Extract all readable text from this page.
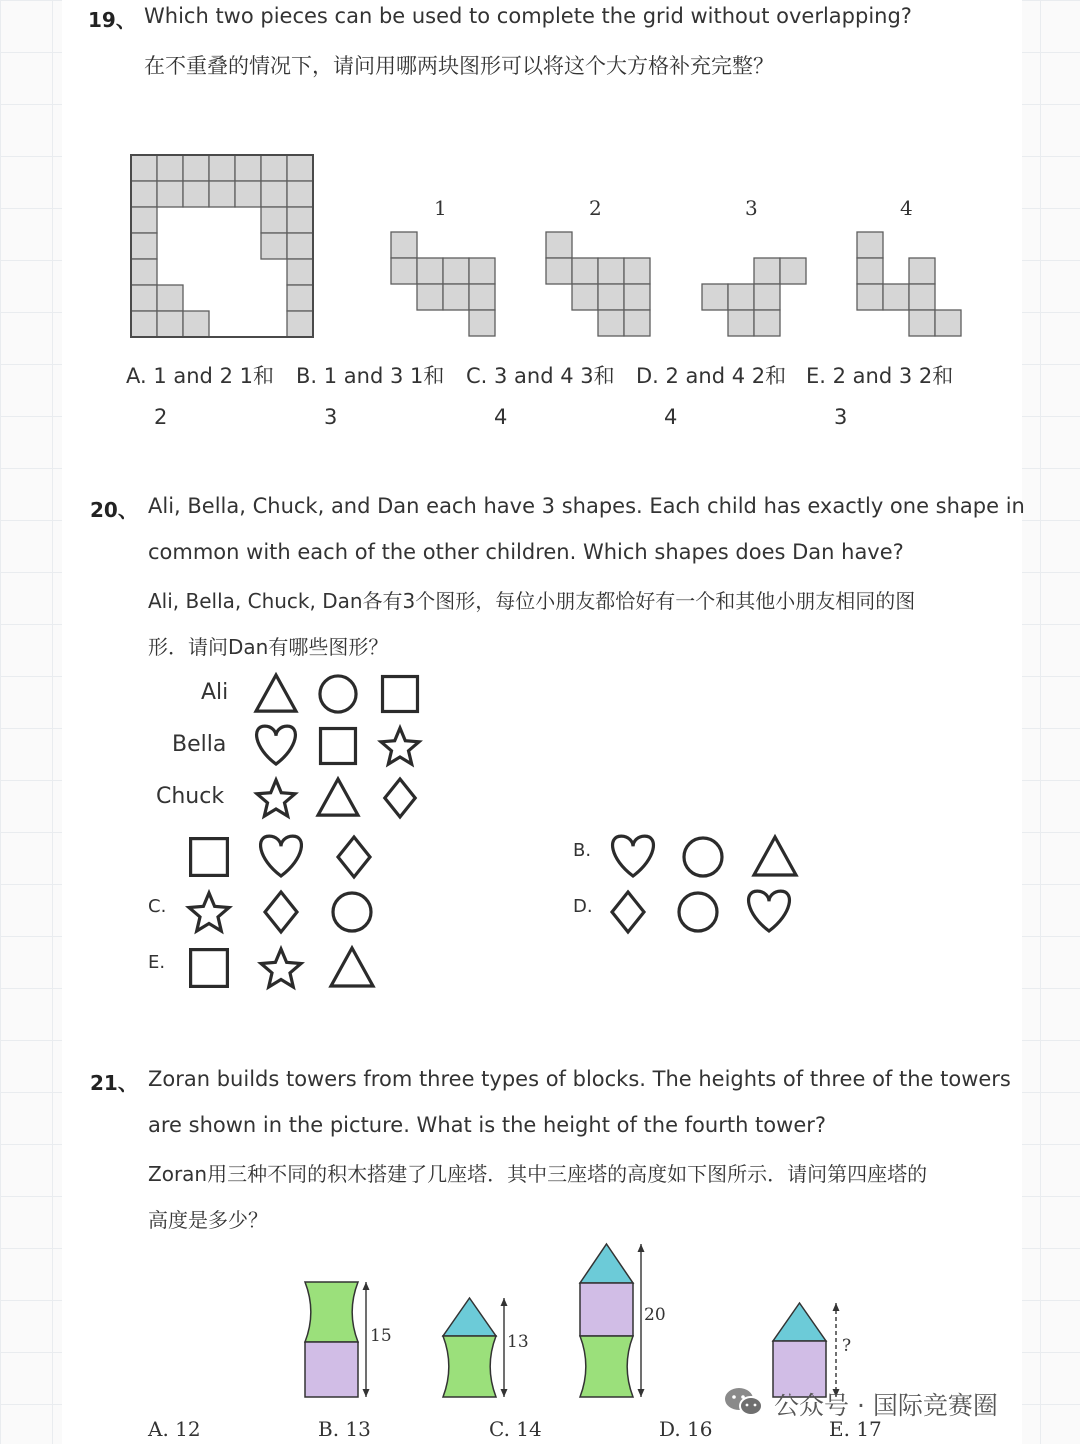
19、 Which two pieces can be used to complete the grid without overlapping?
在不重叠的情况下，请问用哪两块图形可以将这个大方格补充完整？
1	2	3	4
A. 1 and 2 1和 B. 1 and 3 1和 C. 3 and 4 3和 D. 2 and 4 2和 E. 2 and 3 2和
2	3	4	4	3
20、 Ali, Bella, Chuck, and Dan each have 3 shapes. Each child has exactly one shape in
common with each of the other children. Which shapes does Dan have?
Ali, Bella, Chuck, Dan各有3个图形，每位小朋友都恰好有一个和其他小朋友相同的图
形．请问Dan有哪些图形？
Ali
Bella
Chuck
B.
C.	D.
E.
21、 Zoran builds towers from three types of blocks. The heights of three of the towers
are shown in the picture. What is the height of the fourth tower?
Zoran用三种不同的积木搭建了几座塔．其中三座塔的高度如下图所示．请问第四座塔的
高度是多少？
15	13
20
?
A. 12	B. 13	C. 14	D. 16	E. 17
公众号 · 国际竞赛圈
